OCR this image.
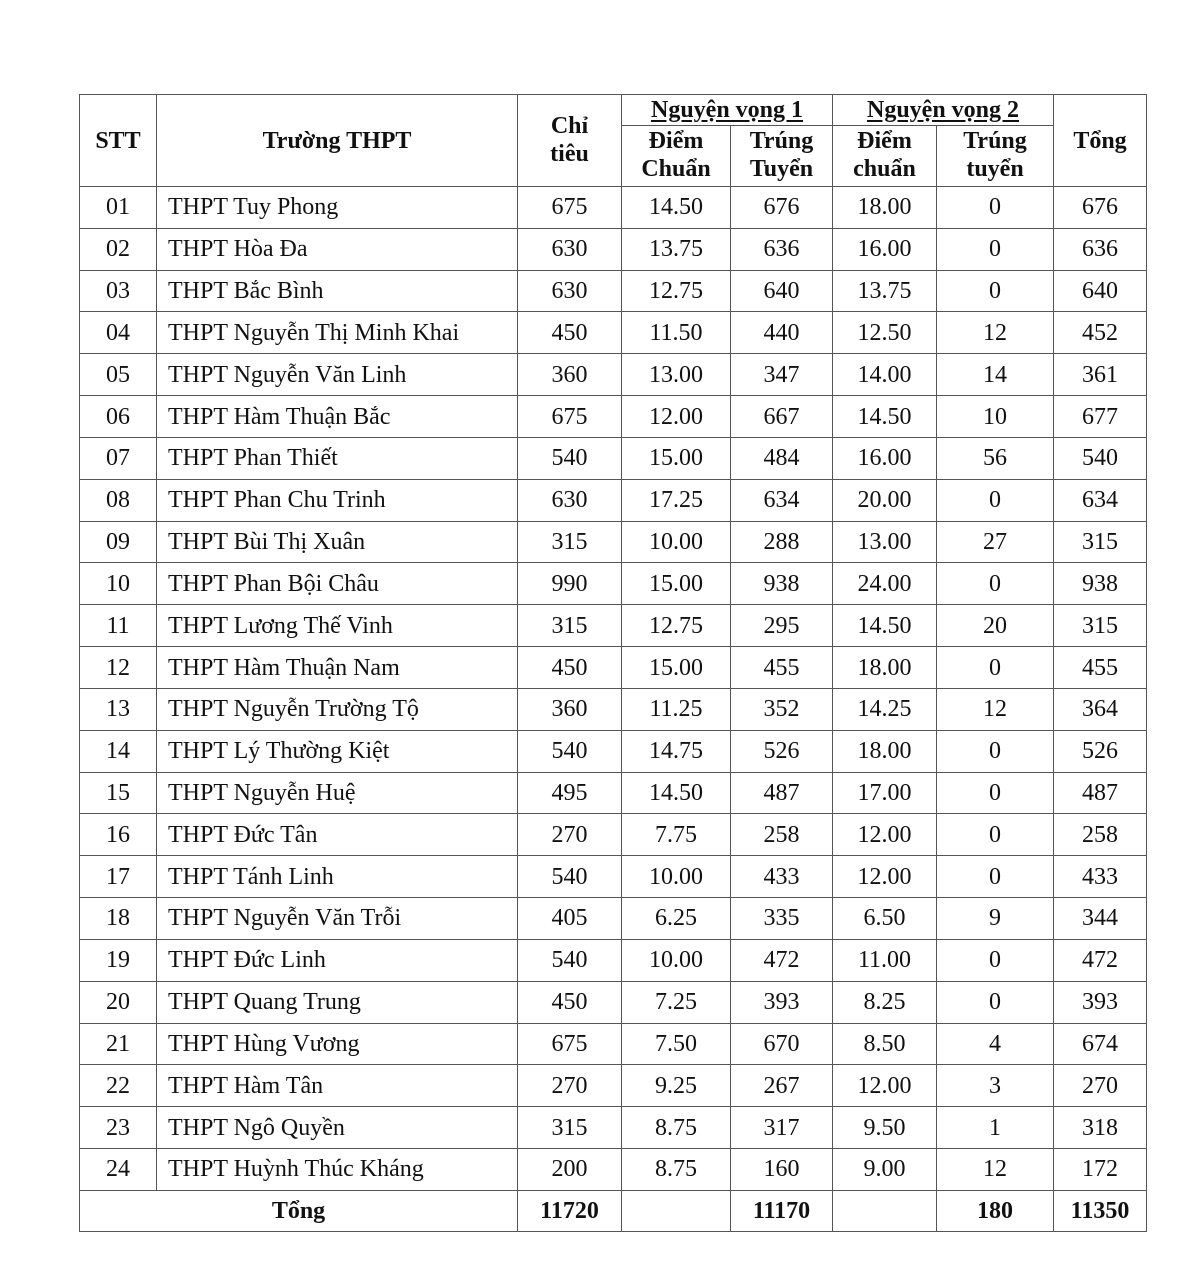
STT	Trường THPT	Chỉ tiêu	Nguyện vọng 1		Nguyện vọng 2		Tổng
			Điểm Chuẩn	Trúng Tuyển	Điểm chuẩn	Trúng tuyển	
01	THPT Tuy Phong	675	14.50	676	18.00	0	676
02	THPT Hòa Đa	630	13.75	636	16.00	0	636
03	THPT Bắc Bình	630	12.75	640	13.75	0	640
04	THPT Nguyễn Thị Minh Khai	450	11.50	440	12.50	12	452
05	THPT Nguyễn Văn Linh	360	13.00	347	14.00	14	361
06	THPT Hàm Thuận Bắc	675	12.00	667	14.50	10	677
07	THPT Phan Thiết	540	15.00	484	16.00	56	540
08	THPT Phan Chu Trinh	630	17.25	634	20.00	0	634
09	THPT Bùi Thị Xuân	315	10.00	288	13.00	27	315
10	THPT Phan Bội Châu	990	15.00	938	24.00	0	938
11	THPT Lương Thế Vinh	315	12.75	295	14.50	20	315
12	THPT Hàm Thuận Nam	450	15.00	455	18.00	0	455
13	THPT Nguyễn Trường Tộ	360	11.25	352	14.25	12	364
14	THPT Lý Thường Kiệt	540	14.75	526	18.00	0	526
15	THPT Nguyễn Huệ	495	14.50	487	17.00	0	487
16	THPT Đức Tân	270	7.75	258	12.00	0	258
17	THPT Tánh Linh	540	10.00	433	12.00	0	433
18	THPT Nguyễn Văn Trỗi	405	6.25	335	6.50	9	344
19	THPT Đức Linh	540	10.00	472	11.00	0	472
20	THPT Quang Trung	450	7.25	393	8.25	0	393
21	THPT Hùng Vương	675	7.50	670	8.50	4	674
22	THPT Hàm Tân	270	9.25	267	12.00	3	270
23	THPT Ngô Quyền	315	8.75	317	9.50	1	318
24	THPT Huỳnh Thúc Kháng	200	8.75	160	9.00	12	172
Tổng		11720		11170		180	11350
